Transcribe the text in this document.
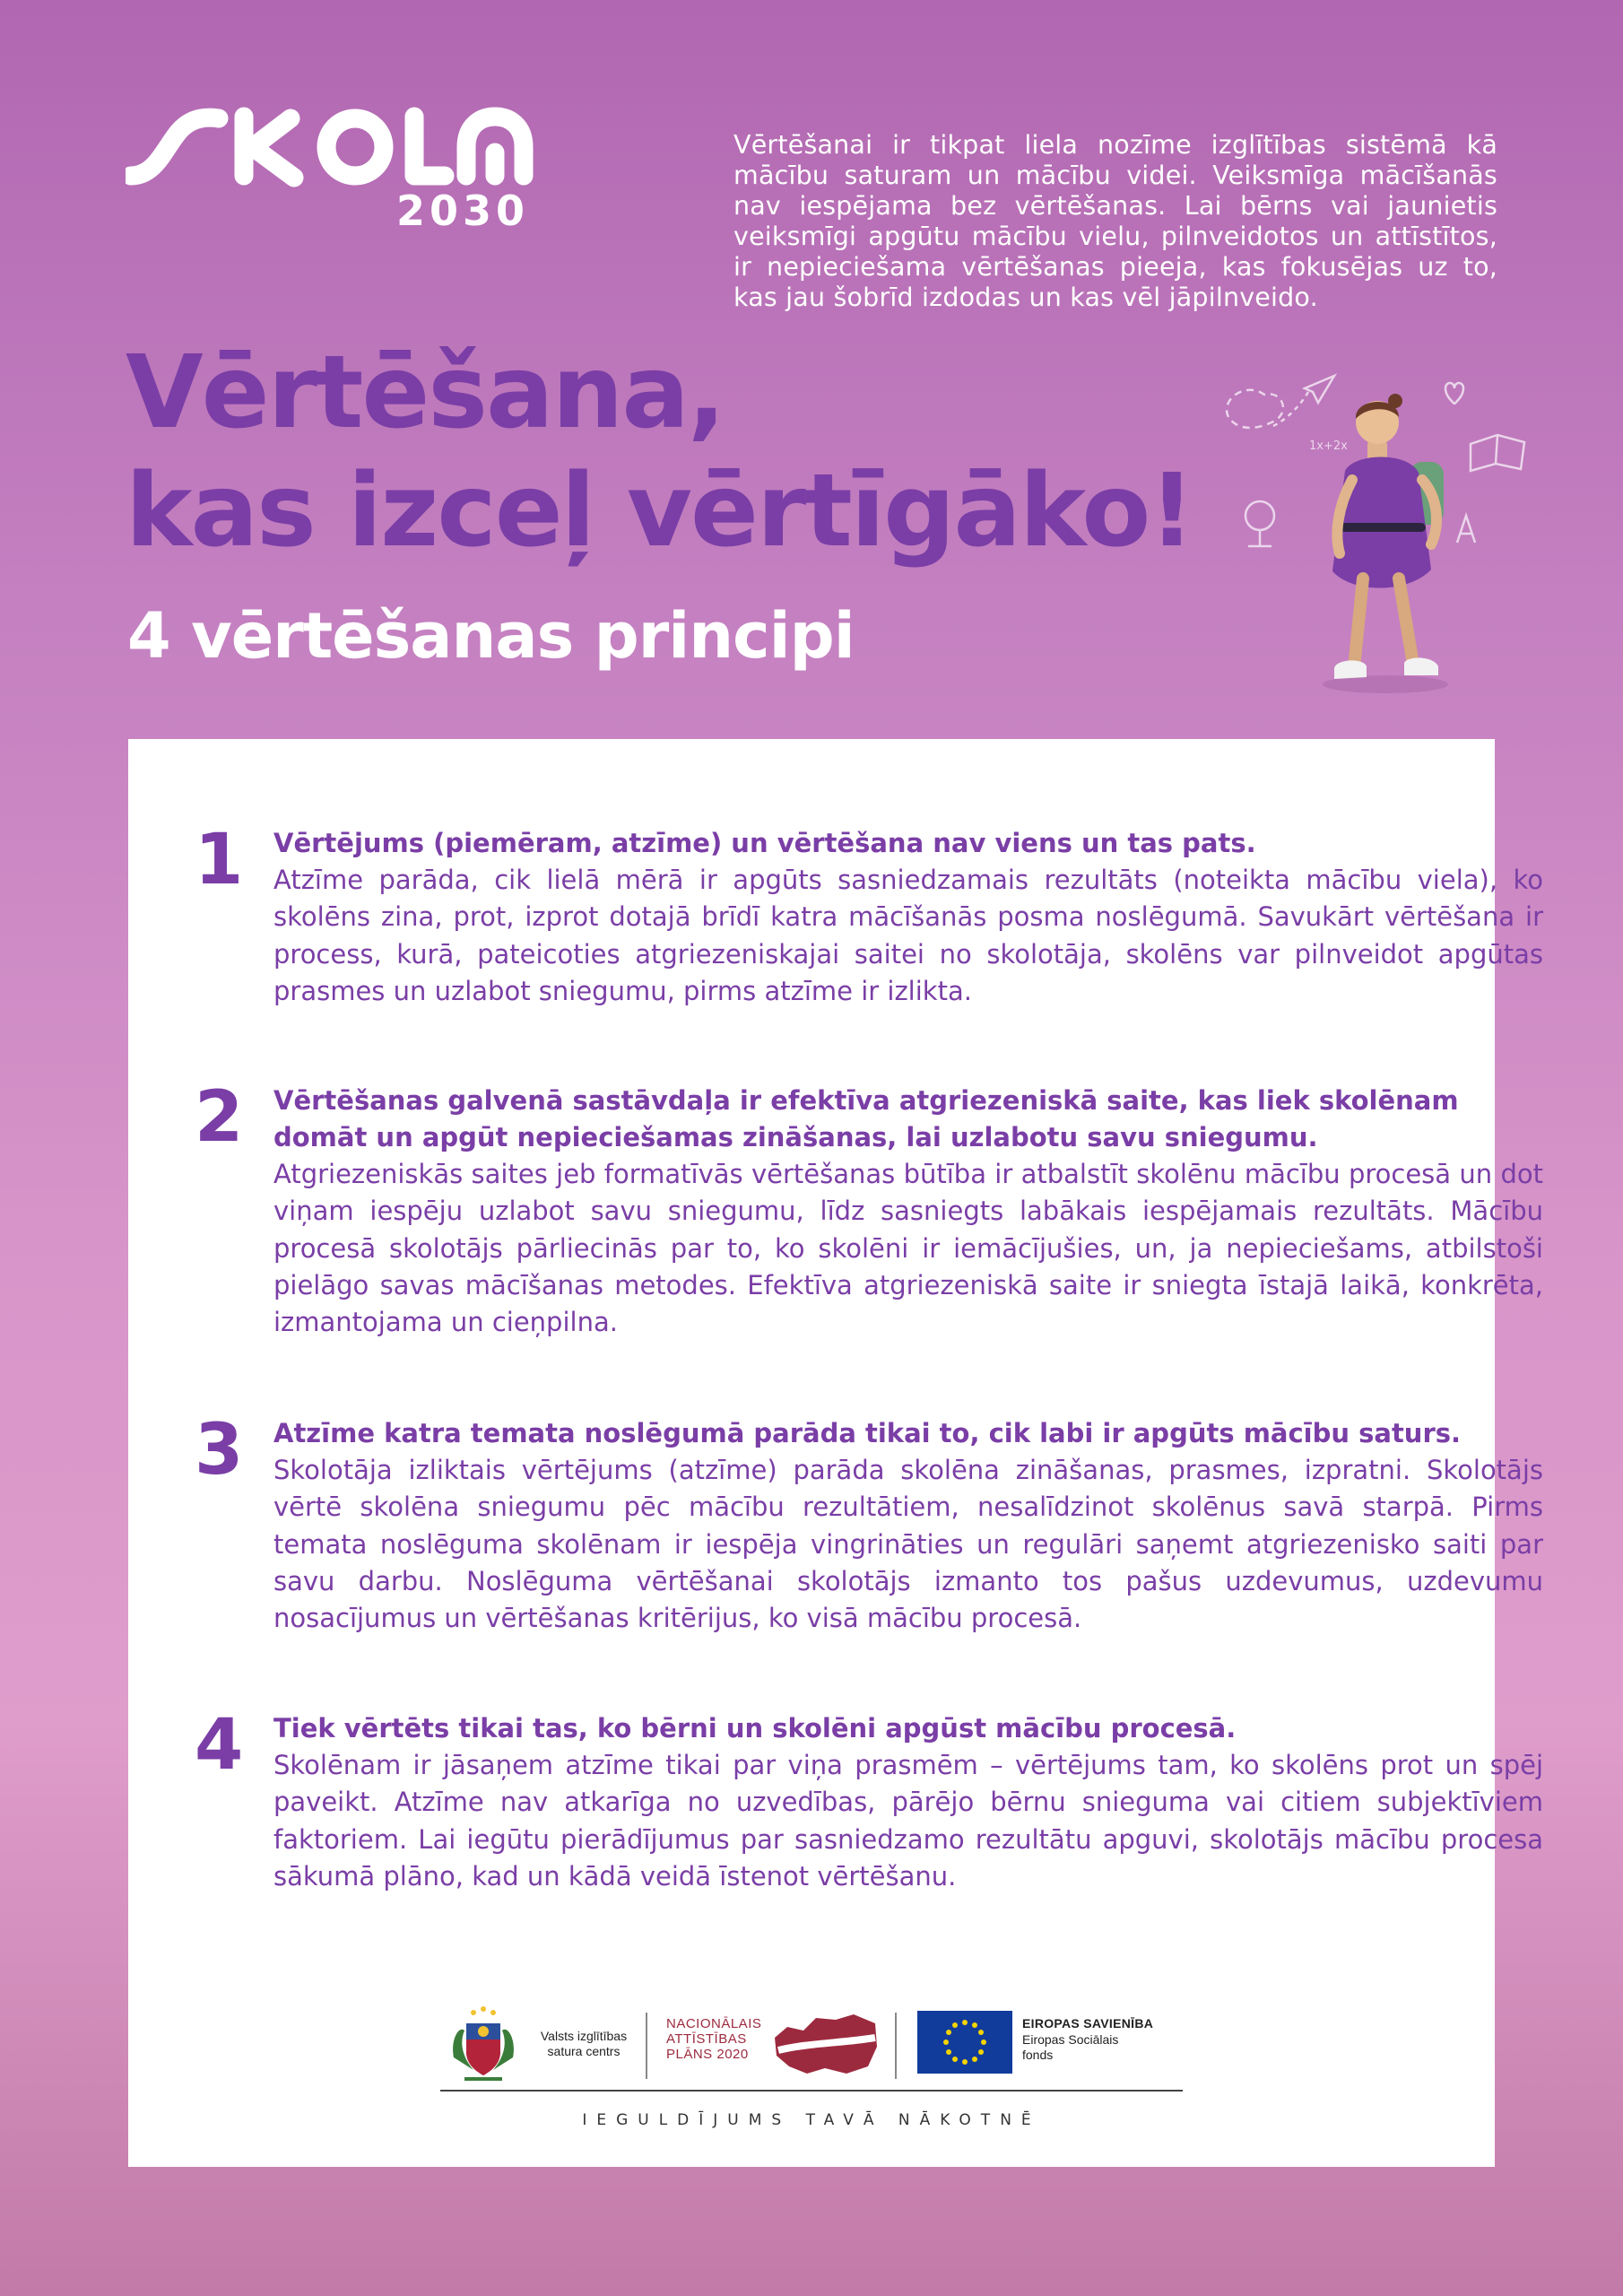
2030

Vērtēšanai ir tikpat liela nozīme izglītības sistēmā kā mācību saturam un mācību videi. Veiksmīga mācīšanās nav iespējama bez vērtēšanas. Lai bērns vai jaunietis veiksmīgi apgūtu mācību vielu, pilnveidotos un attīstītos, ir nepieciešama vērtēšanas pieeja, kas fokusējas uz to, kas jau šobrīd izdodas un kas vēl jāpilnveido.

Vērtēšana,
kas izceļ vērtīgāko!
4 vērtēšanas principi
1x+2x
1	Vērtējums (piemēram, atzīme) un vērtēšana nav viens un tas pats.

Atzīme parāda, cik lielā mērā ir apgūts sasniedzamais rezultāts (noteikta mācību viela), ko skolēns zina, prot, izprot dotajā brīdī katra mācīšanās posma noslēgumā. Savukārt vērtēšana ir process, kurā, pateicoties atgriezeniskajai saitei no skolotāja, skolēns var pilnveidot apgūtas prasmes un uzlabot sniegumu, pirms atzīme ir izlikta.

2	Vērtēšanas galvenā sastāvdaļa ir efektīva atgriezeniskā saite, kas liek skolēnam domāt un apgūt nepieciešamas zināšanas, lai uzlabotu savu sniegumu.

Atgriezeniskās saites jeb formatīvās vērtēšanas būtība ir atbalstīt skolēnu mācību procesā un dot viņam iespēju uzlabot savu sniegumu, līdz sasniegts labākais iespējamais rezultāts. Mācību procesā skolotājs pārliecinās par to, ko skolēni ir iemācījušies, un, ja nepieciešams, atbilstoši pielāgo savas mācīšanas metodes. Efektīva atgriezeniskā saite ir sniegta īstajā laikā, konkrēta, izmantojama un cieņpilna.

3	Atzīme katra temata noslēgumā parāda tikai to, cik labi ir apgūts mācību saturs.

Skolotāja izliktais vērtējums (atzīme) parāda skolēna zināšanas, prasmes, izpratni. Skolotājs vērtē skolēna sniegumu pēc mācību rezultātiem, nesalīdzinot skolēnus savā starpā. Pirms temata noslēguma skolēnam ir iespēja vingrināties un regulāri saņemt atgriezenisko saiti par savu darbu. Noslēguma vērtēšanai skolotājs izmanto tos pašus uzdevumus, uzdevumu nosacījumus un vērtēšanas kritērijus, ko visā mācību procesā.

4	Tiek vērtēts tikai tas, ko bērni un skolēni apgūst mācību procesā.

Skolēnam ir jāsaņem atzīme tikai par viņa prasmēm – vērtējums tam, ko skolēns prot un spēj paveikt. Atzīme nav atkarīga no uzvedības, pārējo bērnu snieguma vai citiem subjektīviem faktoriem. Lai iegūtu pierādījumus par sasniedzamo rezultātu apguvi, skolotājs mācību procesa sākumā plāno, kad un kādā veidā īstenot vērtēšanu.

Valsts izglītības
satura centrs
NACIONĀLAIS
ATTĪSTĪBAS
PLĀNS 2020
EIROPAS SAVIENĪBA
Eiropas Sociālais
fonds
IEGULDĪJUMS TAVĀ NĀKOTNĒ
